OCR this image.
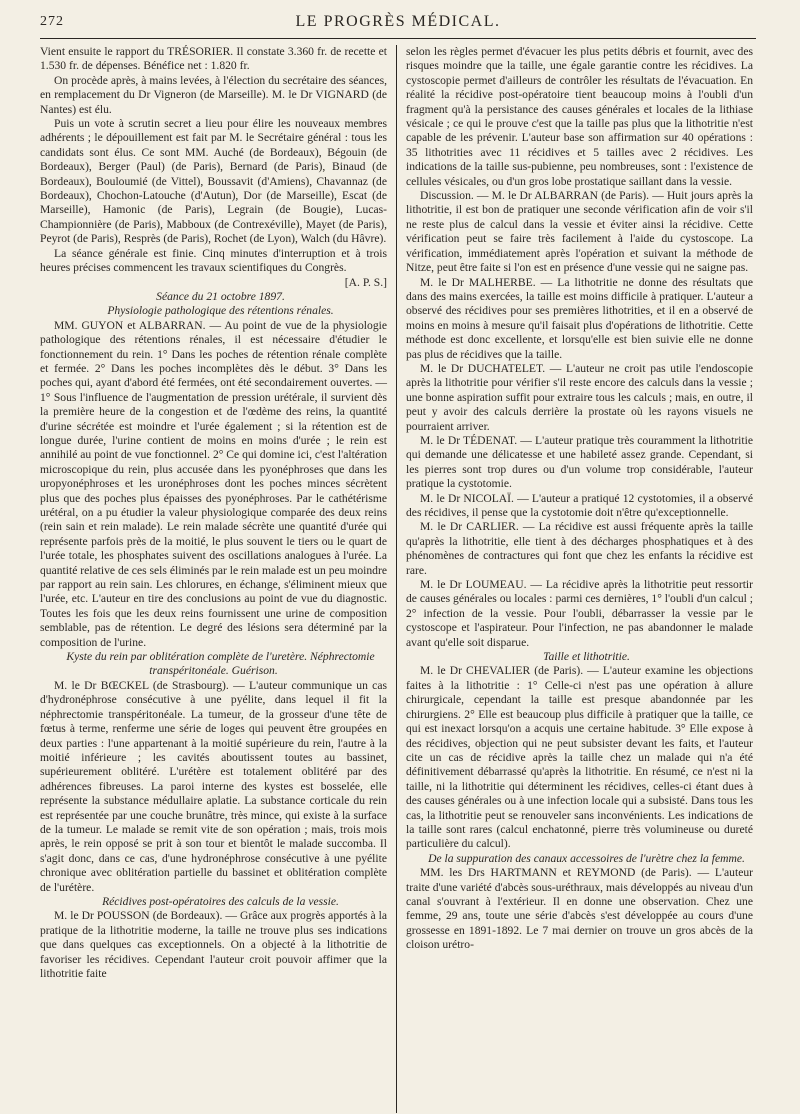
272	LE PROGRÈS MÉDICAL.

Vient ensuite le rapport du TRÉSORIER. Il constate 3.360 fr. de recette et 1.530 fr. de dépenses. Bénéfice net : 1.820 fr.

On procède après, à mains levées, à l'élection du secrétaire des séances, en remplacement du Dr Vigneron (de Marseille). M. le Dr VIGNARD (de Nantes) est élu.

Puis un vote à scrutin secret a lieu pour élire les nouveaux membres adhérents ; le dépouillement est fait par M. le Secrétaire général : tous les candidats sont élus. Ce sont MM. Auché (de Bordeaux), Bégouin (de Bordeaux), Berger (Paul) (de Paris), Bernard (de Paris), Binaud (de Bordeaux), Bouloumié (de Vittel), Boussavit (d'Amiens), Chavannaz (de Bordeaux), Chochon-Latouche (d'Autun), Dor (de Marseille), Escat (de Marseille), Hamonic (de Paris), Legrain (de Bougie), Lucas-Championnière (de Paris), Mabboux (de Contrexéville), Mayet (de Paris), Peyrot (de Paris), Resprès (de Paris), Rochet (de Lyon), Walch (du Hâvre).

La séance générale est finie. Cinq minutes d'interruption et à trois heures précises commencent les travaux scientifiques du Congrès.

[A. P. S.]

Séance du 21 octobre 1897.

Physiologie pathologique des rétentions rénales.

MM. GUYON et ALBARRAN. — Au point de vue de la physiologie pathologique des rétentions rénales, il est nécessaire d'étudier le fonctionnement du rein. 1° Dans les poches de rétention rénale complète et fermée. 2° Dans les poches incomplètes dès le début. 3° Dans les poches qui, ayant d'abord été fermées, ont été secondairement ouvertes. — 1° Sous l'influence de l'augmentation de pression urétérale, il survient dès la première heure de la congestion et de l'œdème des reins, la quantité d'urine sécrétée est moindre et l'urée également ; si la rétention est de longue durée, l'urine contient de moins en moins d'urée ; le rein est annihilé au point de vue fonctionnel. 2° Ce qui domine ici, c'est l'altération microscopique du rein, plus accusée dans les pyonéphroses que dans les uropyonéphroses et les uronéphroses dont les poches minces sécrètent plus que des poches plus épaisses des pyonéphroses. Par le cathétérisme urétéral, on a pu étudier la valeur physiologique comparée des deux reins (rein sain et rein malade). Le rein malade sécrète une quantité d'urée qui représente parfois près de la moitié, le plus souvent le tiers ou le quart de l'urée totale, les phosphates suivent des oscillations analogues à l'urée. La quantité relative de ces sels éliminés par le rein malade est un peu moindre par rapport au rein sain. Les chlorures, en échange, s'éliminent mieux que l'urée, etc. L'auteur en tire des conclusions au point de vue du diagnostic. Toutes les fois que les deux reins fournissent une urine de composition semblable, pas de rétention. Le degré des lésions sera déterminé par la composition de l'urine.

Kyste du rein par oblitération complète de l'uretère. Néphrectomie transpéritonéale. Guérison.

M. le Dr BŒCKEL (de Strasbourg). — L'auteur communique un cas d'hydronéphrose consécutive à une pyélite, dans lequel il fit la néphrectomie transpéritonéale. La tumeur, de la grosseur d'une tête de fœtus à terme, renferme une série de loges qui peuvent être groupées en deux parties : l'une appartenant à la moitié supérieure du rein, l'autre à la moitié inférieure ; les cavités aboutissent toutes au bassinet, supérieurement oblitéré. L'urétère est totalement oblitéré par des adhérences fibreuses. La paroi interne des kystes est bosselée, elle représente la substance médullaire aplatie. La substance corticale du rein est représentée par une couche brunâtre, très mince, qui existe à la surface de la tumeur. Le malade se remit vite de son opération ; mais, trois mois après, le rein opposé se prit à son tour et bientôt le malade succomba. Il s'agit donc, dans ce cas, d'une hydronéphrose consécutive à une pyélite chronique avec oblitération partielle du bassinet et oblitération complète de l'urétère.

Récidives post-opératoires des calculs de la vessie.

M. le Dr POUSSON (de Bordeaux). — Grâce aux progrès apportés à la pratique de la lithotritie moderne, la taille ne trouve plus ses indications que dans quelques cas exceptionnels. On a objecté à la lithotritie de favoriser les récidives. Cependant l'auteur croit pouvoir affimer que la lithotritie faite

selon les règles permet d'évacuer les plus petits débris et fournit, avec des risques moindre que la taille, une égale garantie contre les récidives. La cystoscopie permet d'ailleurs de contrôler les résultats de l'évacuation. En réalité la récidive post-opératoire tient beaucoup moins à l'oubli d'un fragment qu'à la persistance des causes générales et locales de la lithiase vésicale ; ce qui le prouve c'est que la taille pas plus que la lithotritie n'est capable de les prévenir. L'auteur base son affirmation sur 40 opérations : 35 lithotrities avec 11 récidives et 5 tailles avec 2 récidives. Les indications de la taille sus-pubienne, peu nombreuses, sont : l'existence de cellules vésicales, ou d'un gros lobe prostatique saillant dans la vessie.

Discussion. — M. le Dr ALBARRAN (de Paris). — Huit jours après la lithotritie, il est bon de pratiquer une seconde vérification afin de voir s'il ne reste plus de calcul dans la vessie et éviter ainsi la récidive. Cette vérification peut se faire très facilement à l'aide du cystoscope. La vérification, immédiatement après l'opération et suivant la méthode de Nitze, peut être faite si l'on est en présence d'une vessie qui ne saigne pas.

M. le Dr MALHERBE. — La lithotritie ne donne des résultats que dans des mains exercées, la taille est moins difficile à pratiquer. L'auteur a observé des récidives pour ses premières lithotrities, et il en a observé de moins en moins à mesure qu'il faisait plus d'opérations de lithotritie. Cette méthode est donc excellente, et lorsqu'elle est bien suivie elle ne donne pas plus de récidives que la taille.

M. le Dr DUCHATELET. — L'auteur ne croit pas utile l'endoscopie après la lithotritie pour vérifier s'il reste encore des calculs dans la vessie ; une bonne aspiration suffit pour extraire tous les calculs ; mais, en outre, il peut y avoir des calculs derrière la prostate où les rayons visuels ne pourraient arriver.

M. le Dr TÉDENAT. — L'auteur pratique très couramment la lithotritie qui demande une délicatesse et une habileté assez grande. Cependant, si les pierres sont trop dures ou d'un volume trop considérable, l'auteur pratique la cystotomie.

M. le Dr NICOLAÏ. — L'auteur a pratiqué 12 cystotomies, il a observé des récidives, il pense que la cystotomie doit n'être qu'exceptionnelle.

M. le Dr CARLIER. — La récidive est aussi fréquente après la taille qu'après la lithotritie, elle tient à des décharges phosphatiques et à des phénomènes de contractures qui font que chez les enfants la récidive est rare.

M. le Dr LOUMEAU. — La récidive après la lithotritie peut ressortir de causes générales ou locales : parmi ces dernières, 1° l'oubli d'un calcul ; 2° infection de la vessie. Pour l'oubli, débarrasser la vessie par le cystoscope et l'aspirateur. Pour l'infection, ne pas abandonner le malade avant qu'elle soit disparue.

Taille et lithotritie.

M. le Dr CHEVALIER (de Paris). — L'auteur examine les objections faites à la lithotritie : 1° Celle-ci n'est pas une opération à allure chirurgicale, cependant la taille est presque abandonnée par les chirurgiens. 2° Elle est beaucoup plus difficile à pratiquer que la taille, ce qui est inexact lorsqu'on a acquis une certaine habitude. 3° Elle expose à des récidives, objection qui ne peut subsister devant les faits, et l'auteur cite un cas de récidive après la taille chez un malade qui n'a été définitivement débarrassé qu'après la lithotritie. En résumé, ce n'est ni la taille, ni la lithotritie qui déterminent les récidives, celles-ci étant dues à des causes générales ou à une infection locale qui a subsisté. Dans tous les cas, la lithotritie peut se renouveler sans inconvénients. Les indications de la taille sont rares (calcul enchatonné, pierre très volumineuse ou dureté particulière du calcul).

De la suppuration des canaux accessoires de l'urètre chez la femme.

MM. les Drs HARTMANN et REYMOND (de Paris). — L'auteur traite d'une variété d'abcès sous-uréthraux, mais développés au niveau d'un canal s'ouvrant à l'extérieur. Il en donne une observation. Chez une femme, 29 ans, toute une série d'abcès s'est développée au cours d'une grossesse en 1891-1892. Le 7 mai dernier on trouve un gros abcès de la cloison urétro-
